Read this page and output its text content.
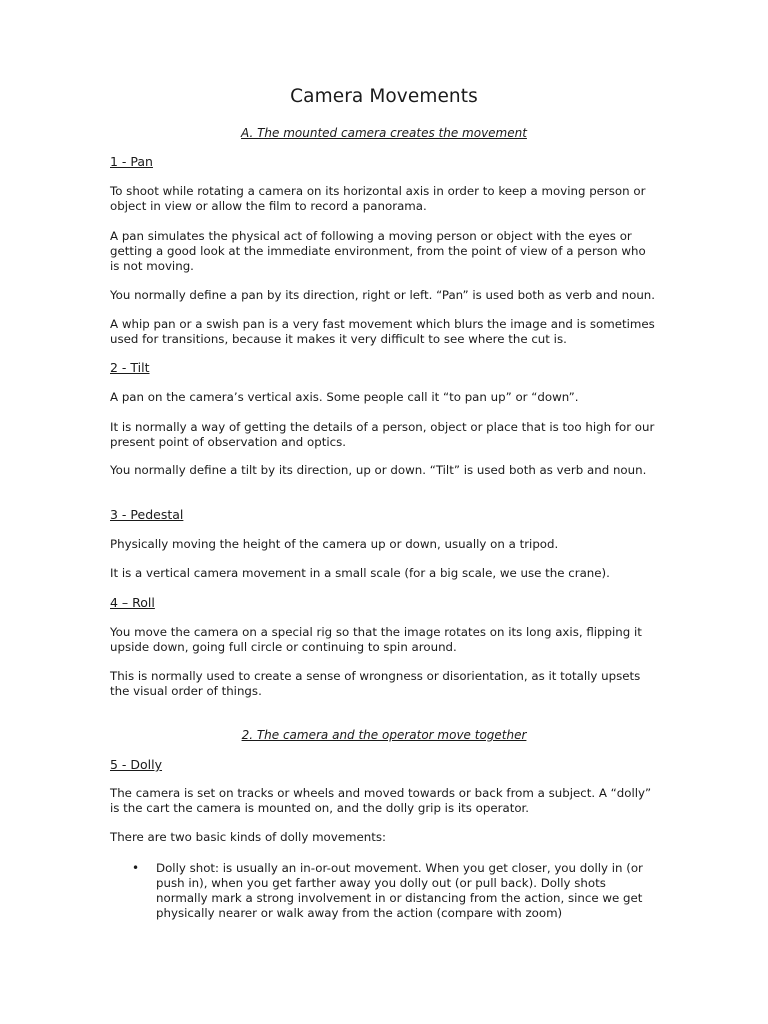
Camera Movements
A. The mounted camera creates the movement
1 - Pan

To shoot while rotating a camera on its horizontal axis in order to keep a moving person or object in view or allow the film to record a panorama.

A pan simulates the physical act of following a moving person or object with the eyes or getting a good look at the immediate environment, from the point of view of a person who is not moving.

You normally define a pan by its direction, right or left. “Pan” is used both as verb and noun.

A whip pan or a swish pan is a very fast movement which blurs the image and is sometimes used for transitions, because it makes it very difficult to see where the cut is.

2 - Tilt

A pan on the camera’s vertical axis. Some people call it “to pan up” or “down”.

It is normally a way of getting the details of a person, object or place that is too high for our present point of observation and optics.

You normally define a tilt by its direction, up or down. “Tilt” is used both as verb and noun.

3 - Pedestal

Physically moving the height of the camera up or down, usually on a tripod.

It is a vertical camera movement in a small scale (for a big scale, we use the crane).

4 – Roll

You move the camera on a special rig so that the image rotates on its long axis, flipping it upside down, going full circle or continuing to spin around.

This is normally used to create a sense of wrongness or disorientation, as it totally upsets the visual order of things.

2. The camera and the operator move together
5 - Dolly

The camera is set on tracks or wheels and moved towards or back from a subject. A “dolly” is the cart the camera is mounted on, and the dolly grip is its operator.

There are two basic kinds of dolly movements:

• Dolly shot: is usually an in-or-out movement. When you get closer, you dolly in (or push in), when you get farther away you dolly out (or pull back). Dolly shots normally mark a strong involvement in or distancing from the action, since we get physically nearer or walk away from the action (compare with zoom)
